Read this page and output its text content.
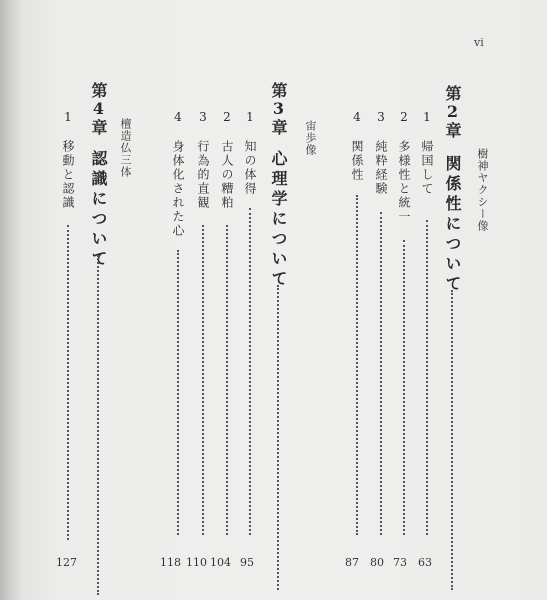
vi
樹神ヤクシー像
第2章
関係性について
1
帰国して
63
2
多様性と統一
73
3
純粋経験
80
4
関係性
87
宙歩像
第3章
心理学について
1
知の体得
95
2
古人の糟粕
104
3
行為的直観
110
4
身体化された心
118
檀造仏三体
第4章
認識について
1
移動と認識
127
